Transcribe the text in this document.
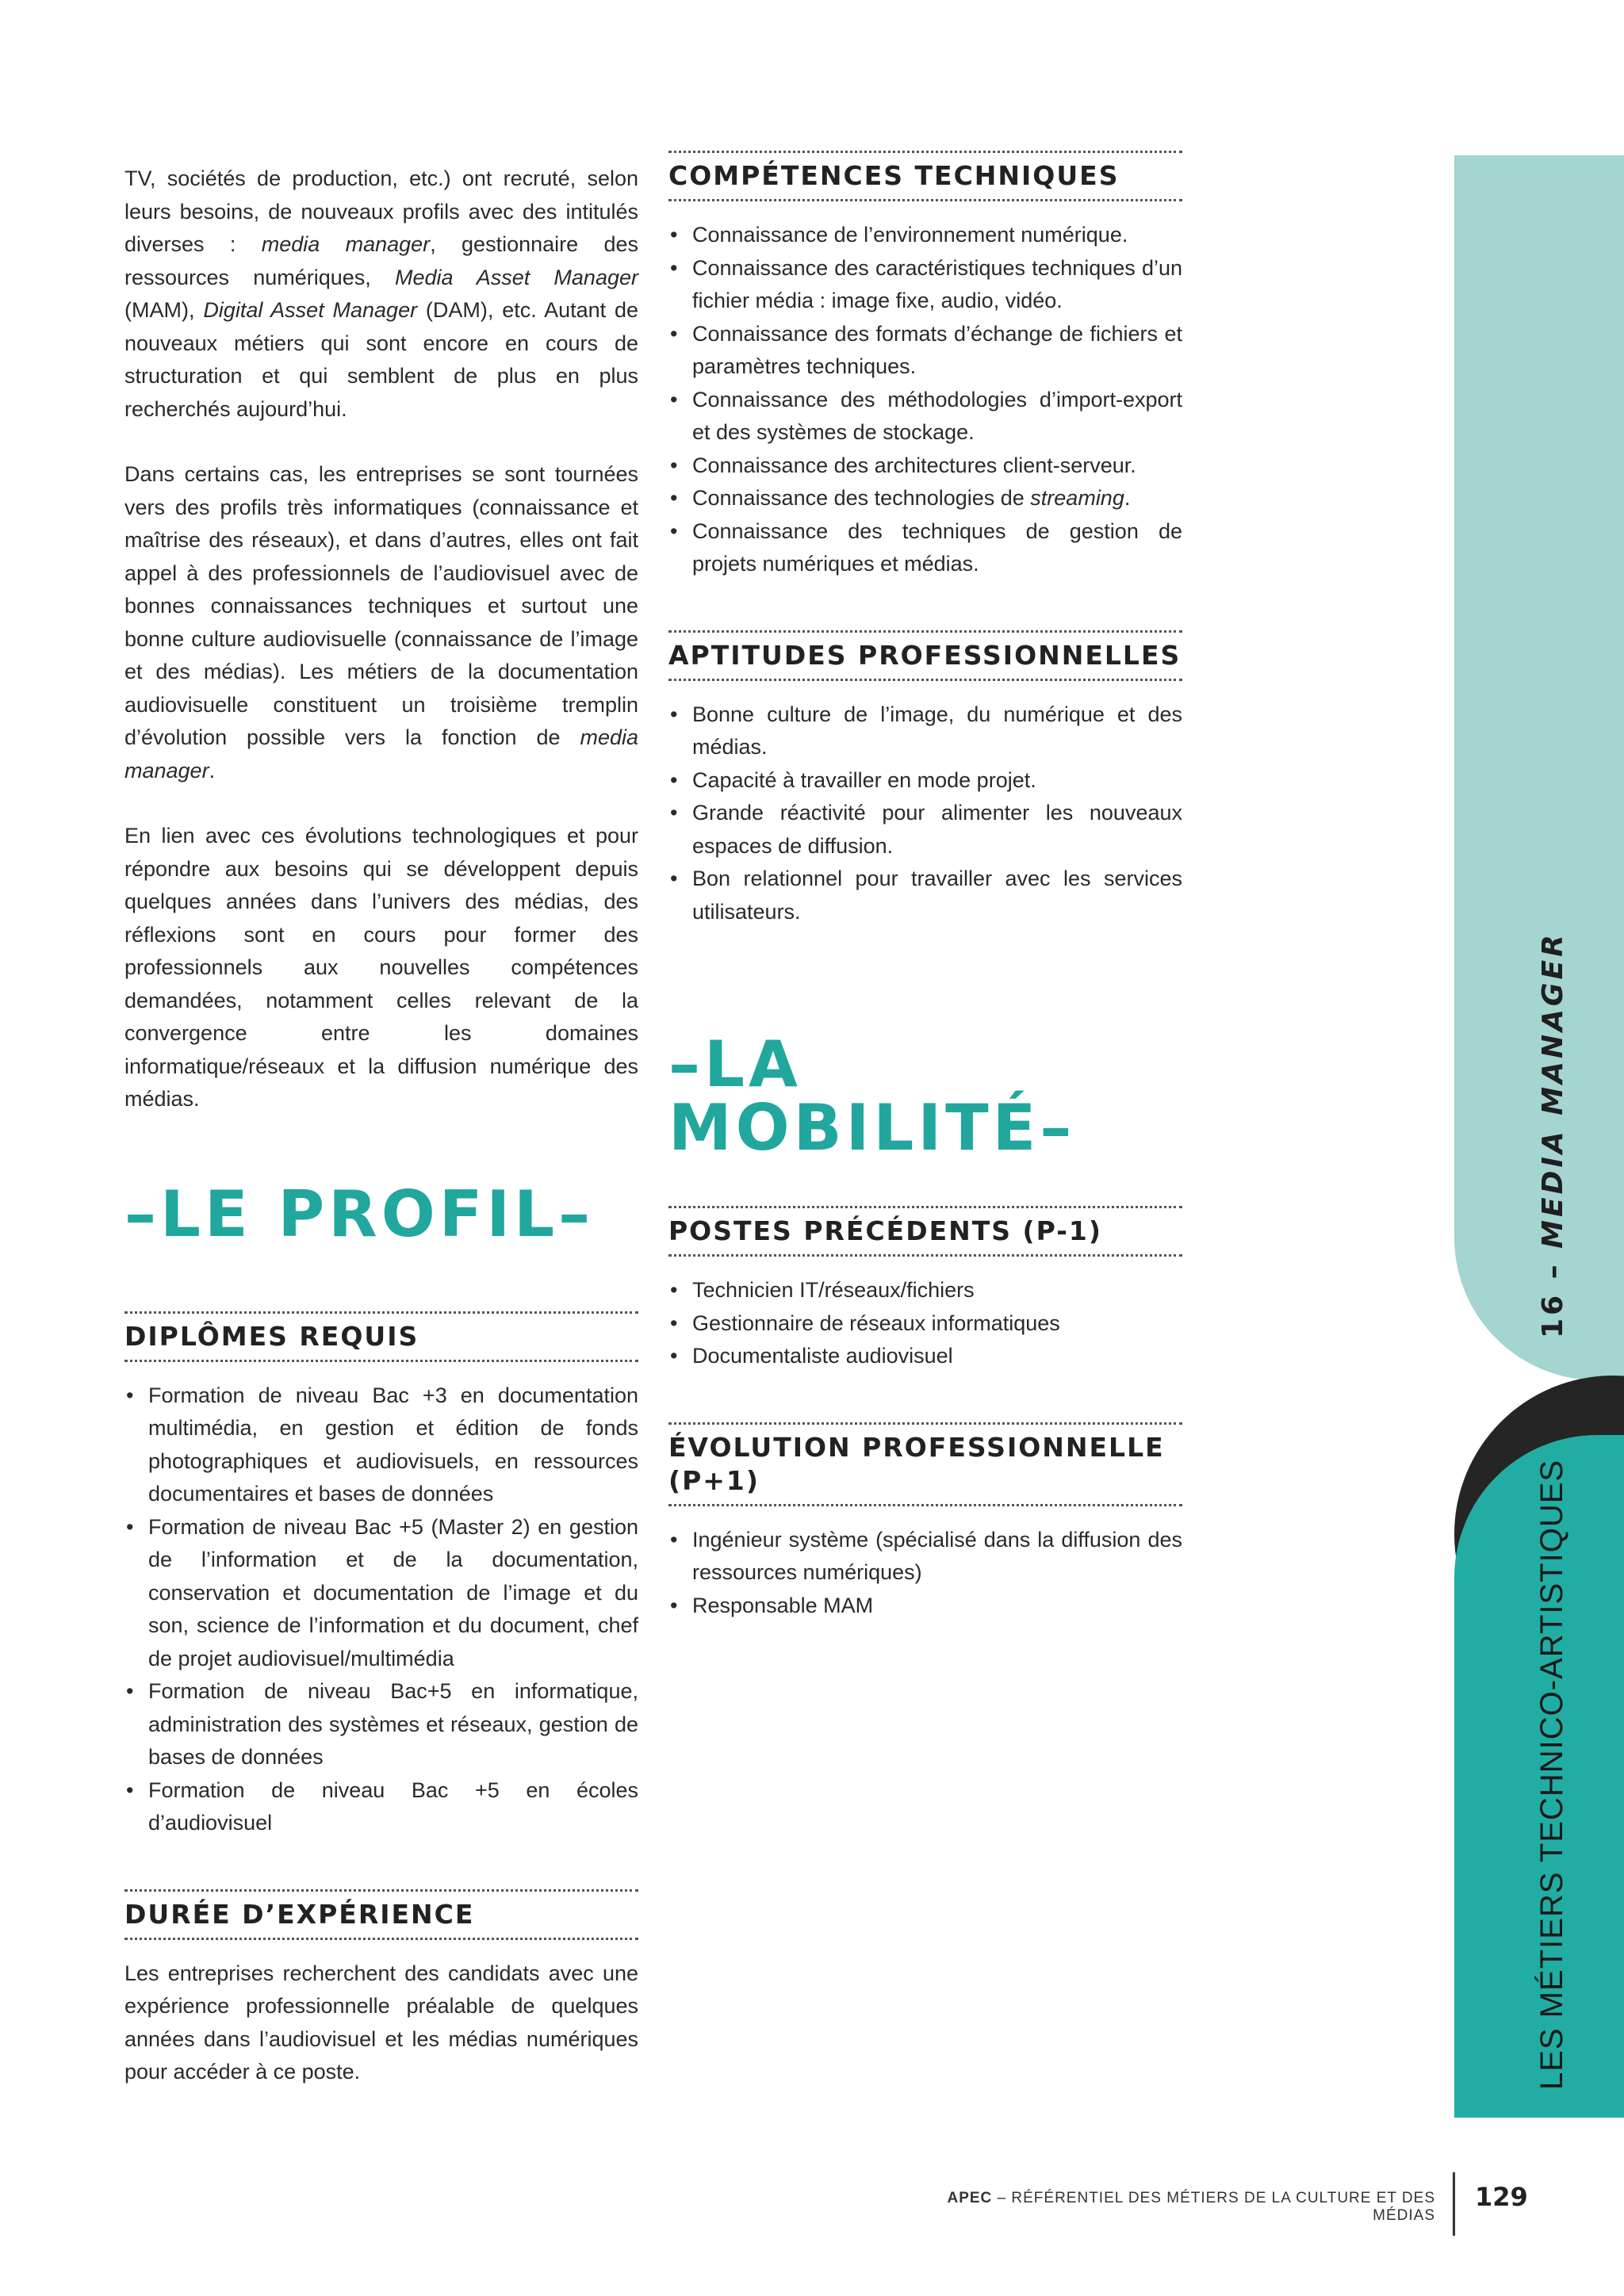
16 – MEDIA MANAGER
LES MÉTIERS TECHNICO-ARTISTIQUES

TV, sociétés de production, etc.) ont recruté, selon leurs besoins, de nouveaux profils avec des intitulés diverses : media manager, gestionnaire des ressources numériques, Media Asset Manager (MAM), Digital Asset Manager (DAM), etc. Autant de nouveaux métiers qui sont encore en cours de structuration et qui semblent de plus en plus recherchés aujourd’hui.

Dans certains cas, les entreprises se sont tournées vers des profils très informatiques (connaissance et maîtrise des réseaux), et dans d’autres, elles ont fait appel à des professionnels de l’audiovisuel avec de bonnes connaissances techniques et surtout une bonne culture audiovisuelle (connaissance de l’image et des médias). Les métiers de la documentation audiovisuelle constituent un troisième tremplin d’évolution possible vers la fonction de media manager.

En lien avec ces évolutions technologiques et pour répondre aux besoins qui se développent depuis quelques années dans l’univers des médias, des réflexions sont en cours pour former des professionnels aux nouvelles compétences demandées, notamment celles relevant de la convergence entre les domaines informatique/réseaux et la diffusion numérique des médias.

–LE PROFIL–
DIPLÔMES REQUIS
• Formation de niveau Bac +3 en documentation multimédia, en gestion et édition de fonds photographiques et audiovisuels, en ressources documentaires et bases de données
• Formation de niveau Bac +5 (Master 2) en gestion de l’information et de la documentation, conservation et documentation de l’image et du son, science de l’information et du document, chef de projet audiovisuel/multimédia
• Formation de niveau Bac+5 en informatique, administration des systèmes et réseaux, gestion de bases de données
• Formation de niveau Bac +5 en écoles d’audiovisuel
DURÉE D’EXPÉRIENCE

Les entreprises recherchent des candidats avec une expérience professionnelle préalable de quelques années dans l’audiovisuel et les médias numériques pour accéder à ce poste.

COMPÉTENCES TECHNIQUES
• Connaissance de l’environnement numérique.
• Connaissance des caractéristiques techniques d’un fichier média : image fixe, audio, vidéo.
• Connaissance des formats d’échange de fichiers et paramètres techniques.
• Connaissance des méthodologies d’import-export et des systèmes de stockage.
• Connaissance des architectures client-serveur.
• Connaissance des technologies de streaming.
• Connaissance des techniques de gestion de projets numériques et médias.
APTITUDES PROFESSIONNELLES
• Bonne culture de l’image, du numérique et des médias.
• Capacité à travailler en mode projet.
• Grande réactivité pour alimenter les nouveaux espaces de diffusion.
• Bon relationnel pour travailler avec les services utilisateurs.
–LA MOBILITÉ–
POSTES PRÉCÉDENTS (P-1)
• Technicien IT/réseaux/fichiers
• Gestionnaire de réseaux informatiques
• Documentaliste audiovisuel
ÉVOLUTION PROFESSIONNELLE (P+1)
• Ingénieur système (spécialisé dans la diffusion des ressources numériques)
• Responsable MAM
APEC – RÉFÉRENTIEL DES MÉTIERS DE LA CULTURE ET DES MÉDIAS
129
